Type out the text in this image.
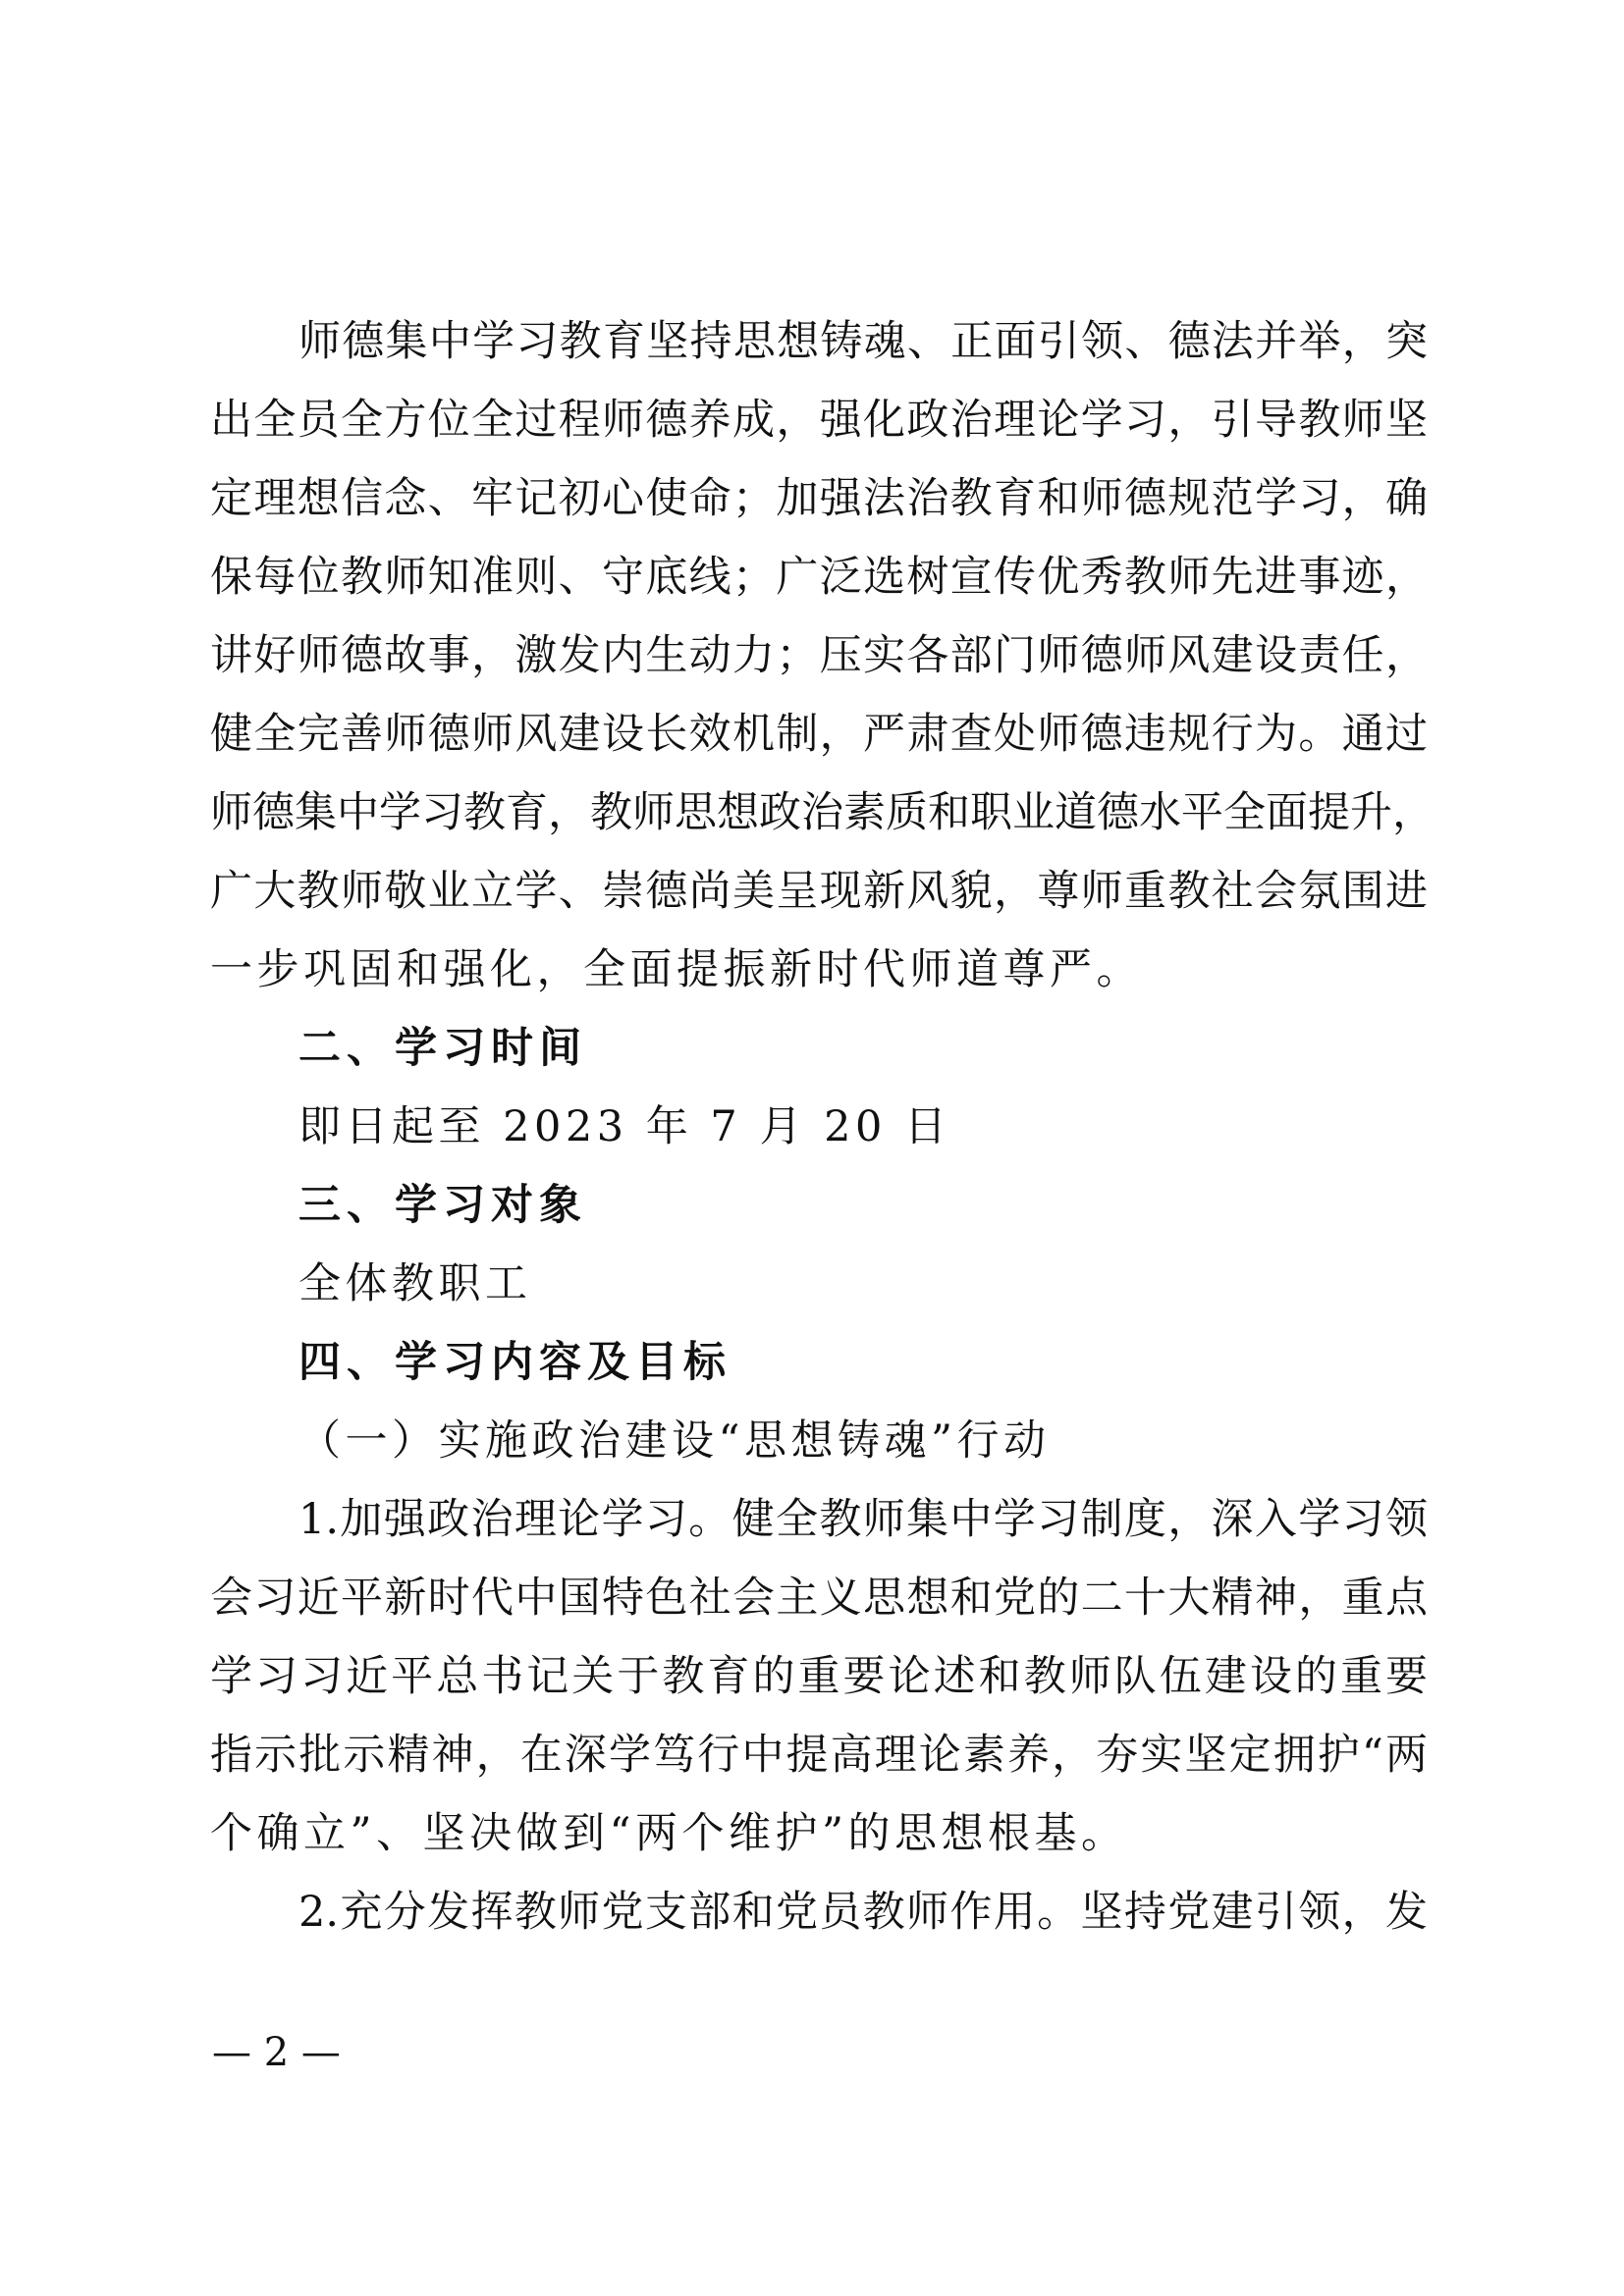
师德集中学习教育坚持思想铸魂、正面引领、德法并举，突
出全员全方位全过程师德养成，强化政治理论学习，引导教师坚
定理想信念、牢记初心使命；加强法治教育和师德规范学习，确
保每位教师知准则、守底线；广泛选树宣传优秀教师先进事迹，
讲好师德故事，激发内生动力；压实各部门师德师风建设责任，
健全完善师德师风建设长效机制，严肃查处师德违规行为。通过
师德集中学习教育，教师思想政治素质和职业道德水平全面提升，
广大教师敬业立学、崇德尚美呈现新风貌，尊师重教社会氛围进
一步巩固和强化，全面提振新时代师道尊严。
二、学习时间
即日起至 2023 年 7 月 20 日
三、学习对象
全体教职工
四、学习内容及目标
（一）实施政治建设“思想铸魂”行动
1.加强政治理论学习。健全教师集中学习制度，深入学习领
会习近平新时代中国特色社会主义思想和党的二十大精神，重点
学习习近平总书记关于教育的重要论述和教师队伍建设的重要
指示批示精神，在深学笃行中提高理论素养，夯实坚定拥护“两
个确立”、坚决做到“两个维护”的思想根基。
2.充分发挥教师党支部和党员教师作用。坚持党建引领，发
— 2 —
